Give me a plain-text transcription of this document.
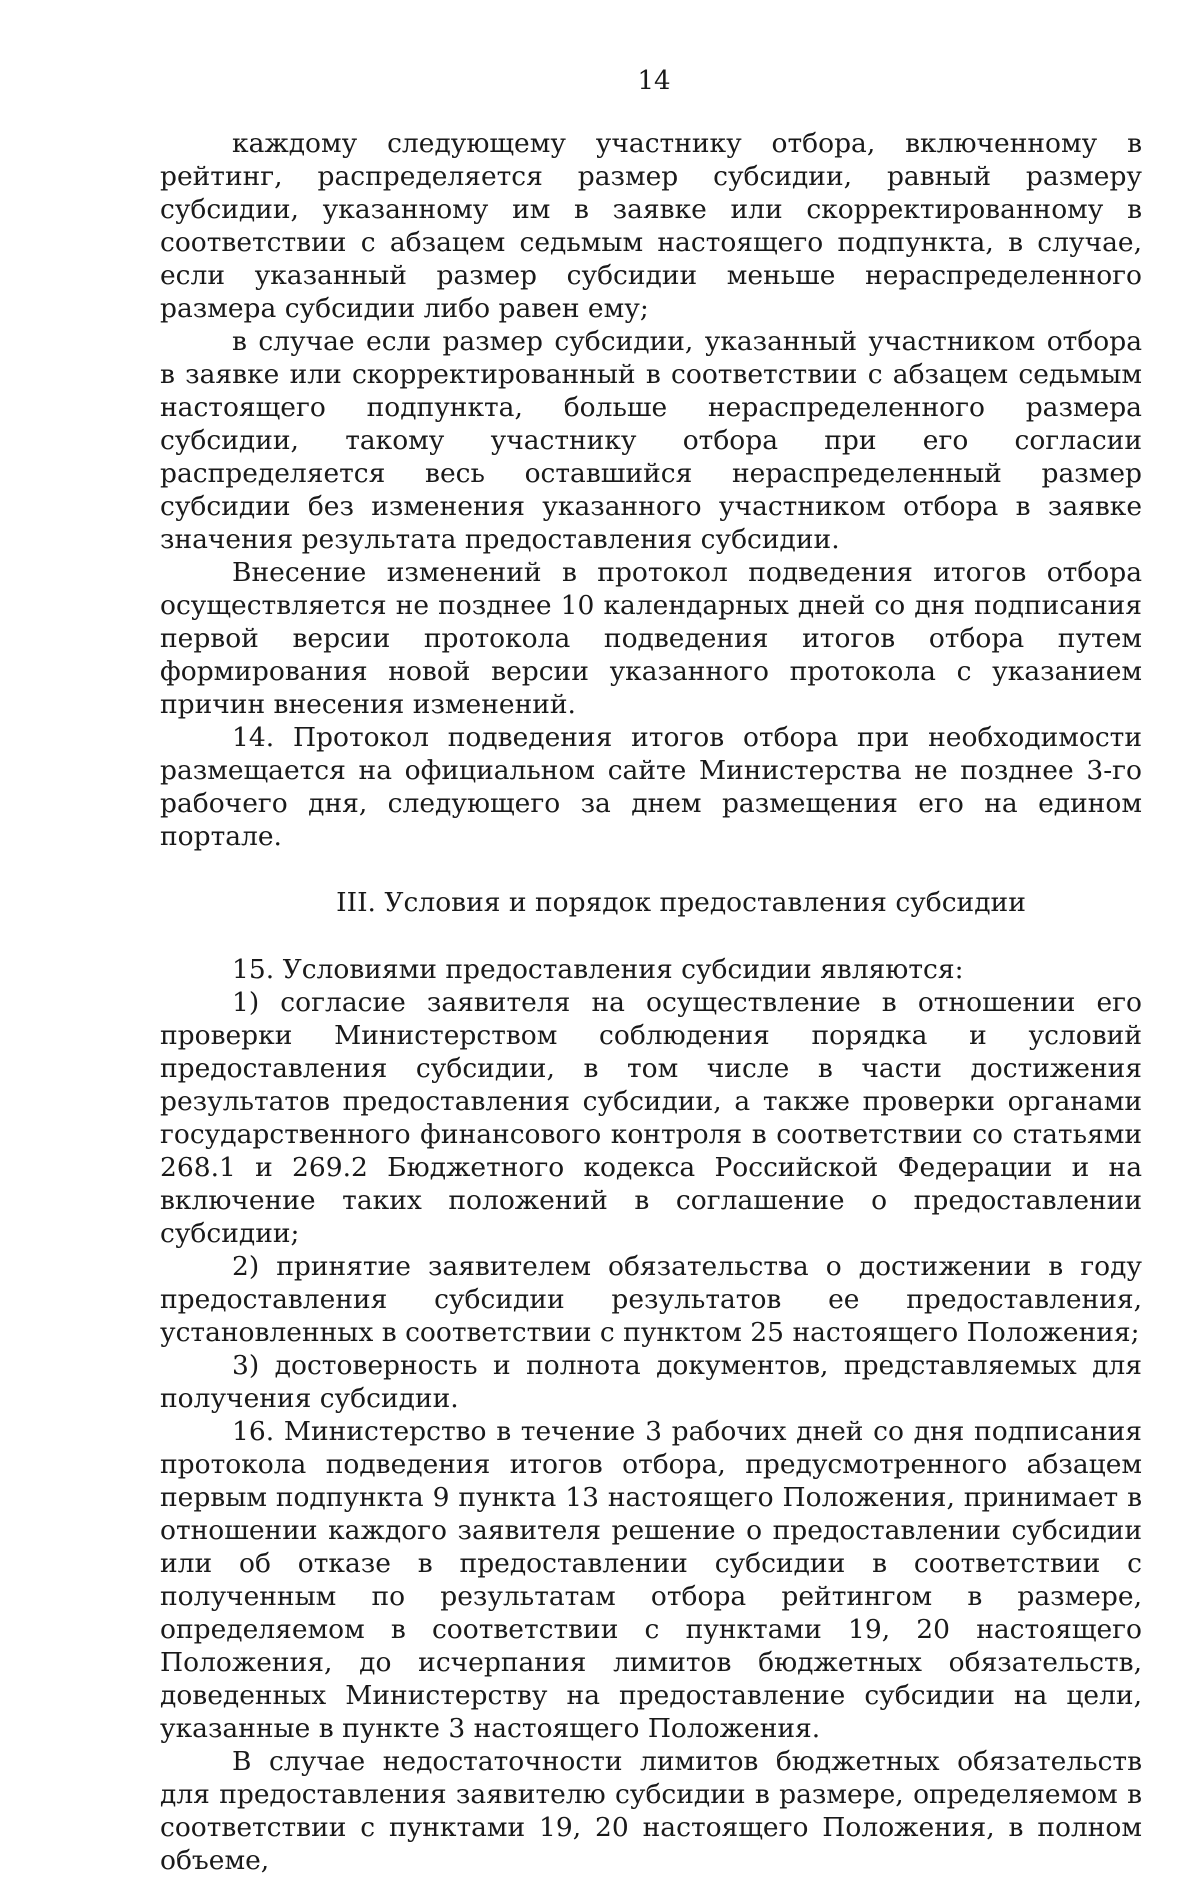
14

каждому следующему участнику отбора, включенному в рейтинг, распределяется размер субсидии, равный размеру субсидии, указанному им в заявке или скорректированному в соответствии с абзацем седьмым настоящего подпункта, в случае, если указанный размер субсидии меньше нераспределенного размера субсидии либо равен ему;

в случае если размер субсидии, указанный участником отбора в заявке или скорректированный в соответствии с абзацем седьмым настоящего подпункта, больше нераспределенного размера субсидии, такому участнику отбора при его согласии распределяется весь оставшийся нераспределенный размер субсидии без изменения указанного участником отбора в заявке значения результата предоставления субсидии.

Внесение изменений в протокол подведения итогов отбора осуществляется не позднее 10 календарных дней со дня подписания первой версии протокола подведения итогов отбора путем формирования новой версии указанного протокола с указанием причин внесения изменений.

14. Протокол подведения итогов отбора при необходимости размещается на официальном сайте Министерства не позднее 3-го рабочего дня, следующего за днем размещения его на едином портале.

III. Условия и порядок предоставления субсидии

15. Условиями предоставления субсидии являются:

1) согласие заявителя на осуществление в отношении его проверки Министерством соблюдения порядка и условий предоставления субсидии, в том числе в части достижения результатов предоставления субсидии, а также проверки органами государственного финансового контроля в соответствии со статьями 268.1 и 269.2 Бюджетного кодекса Российской Федерации и на включение таких положений в соглашение о предоставлении субсидии;

2) принятие заявителем обязательства о достижении в году предоставления субсидии результатов ее предоставления, установленных в соответствии с пунктом 25 настоящего Положения;

3) достоверность и полнота документов, представляемых для получения субсидии.

16. Министерство в течение 3 рабочих дней со дня подписания протокола подведения итогов отбора, предусмотренного абзацем первым подпункта 9 пункта 13 настоящего Положения, принимает в отношении каждого заявителя решение о предоставлении субсидии или об отказе в предоставлении субсидии в соответствии с полученным по результатам отбора рейтингом в размере, определяемом в соответствии с пунктами 19, 20 настоящего Положения, до исчерпания лимитов бюджетных обязательств, доведенных Министерству на предоставление субсидии на цели, указанные в пункте 3 настоящего Положения.

В случае недостаточности лимитов бюджетных обязательств для предоставления заявителю субсидии в размере, определяемом в соответствии с пунктами 19, 20 настоящего Положения, в полном объеме,
